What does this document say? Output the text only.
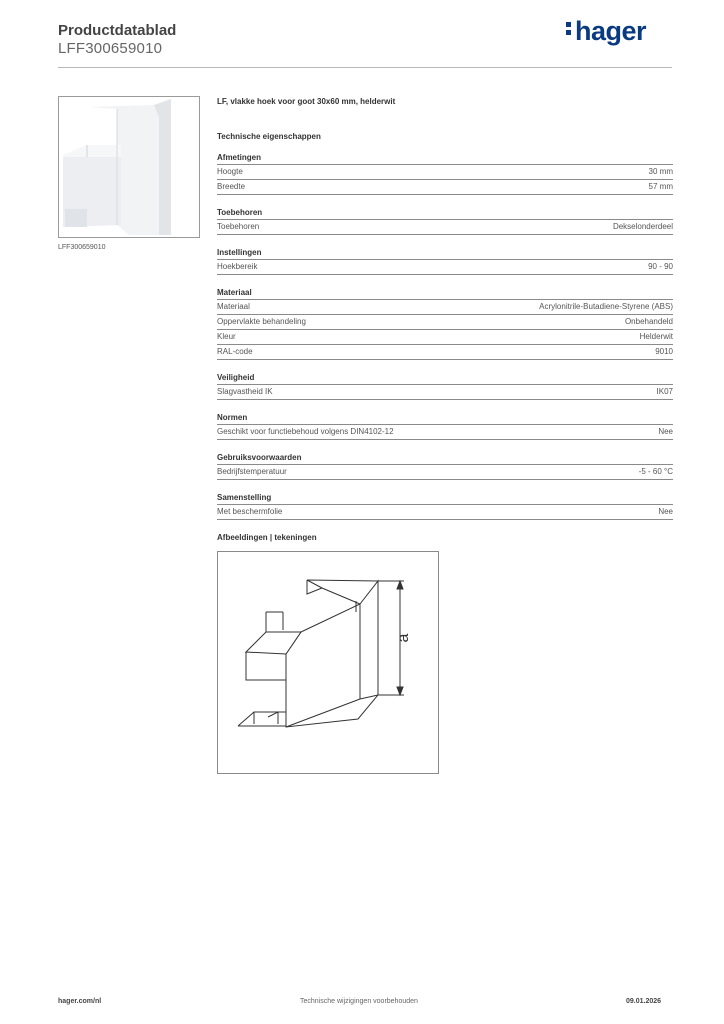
Productdatablad
LFF300659010
hager
LFF300659010
LF, vlakke hoek voor goot 30x60 mm, helderwit
Technische eigenschappen
Afmetingen
Hoogte	30 mm
Breedte	57 mm
Toebehoren
Toebehoren	Dekselonderdeel
Instellingen
Hoekbereik	90 - 90
Materiaal
Materiaal	Acrylonitrile-Butadiene-Styrene (ABS)
Oppervlakte behandeling	Onbehandeld
Kleur	Helderwit
RAL-code	9010
Veiligheid
Slagvastheid IK	IK07
Normen
Geschikt voor functiebehoud volgens DIN4102-12	Nee
Gebruiksvoorwaarden
Bedrijfstemperatuur	-5 - 60 °C
Samenstelling
Met beschermfolie	Nee
Afbeeldingen | tekeningen
a
hager.com/nl	Technische wijzigingen voorbehouden	09.01.2026
